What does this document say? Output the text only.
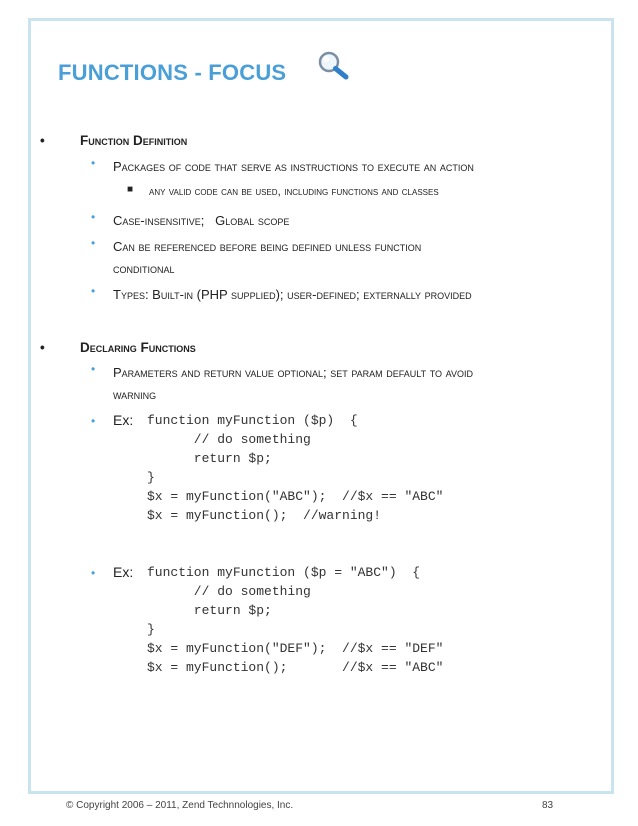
FUNCTIONS - FOCUS
•	Function Definition
• Packages of code that serve as instructions to execute an action
■ any valid code can be used, including functions and classes
• Case-insensitive;   Global scope
• Can be referenced before being defined unless function
conditional
• Types: Built-in (PHP supplied); user-defined; externally provided
•	Declaring Functions
• Parameters and return value optional; set param default to avoid
warning
• Ex: function myFunction ($p)  {
// do something
return $p;
}
$x = myFunction("ABC");  //$x == "ABC"
$x = myFunction();  //warning!
• Ex: function myFunction ($p = "ABC")  {
// do something
return $p;
}
$x = myFunction("DEF");  //$x == "DEF"
$x = myFunction();       //$x == "ABC"
© Copyright 2006 – 2011, Zend Technnologies, Inc.	83
